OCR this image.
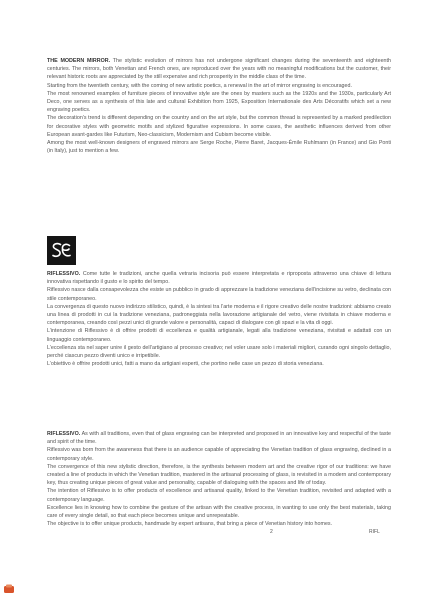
THE MODERN MIRROR. The stylistic evolution of mirrors has not undergone significant changes during the seventeenth and eighteenth centuries. The mirrors, both Venetian and French ones, are reproduced over the years with no meaningful modifications but the customer, their relevant historic roots are appreciated by the still expensive and rich prosperity in the middle class of the time.

Starting from the twentieth century, with the coming of new artistic poetics, a renewal in the art of mirror engraving is encouraged.

The most renowned examples of furniture pieces of innovative style are the ones by masters such as the 1920s and the 1930s, particularly Art Deco, one serves as a synthesis of this late and cultural Exhibition from 1925, Exposition Internationale des Arts Décoratifs which set a new engraving poetics.

The decoration’s trend is different depending on the country and on the art style, but the common thread is represented by a marked predilection for decorative styles with geometric motifs and stylized figurative expressions. In some cases, the aesthetic influences derived from other European avant-gardes like Futurism, Neo-classicism, Modernism and Cubism become visible.

Among the most well-known designers of engraved mirrors are Serge Roche, Pierre Baret, Jacques-Émile Ruhlmann (in France) and Gio Ponti (in Italy), just to mention a few.

RIFLESSIVO. Come tutte le tradizioni, anche quella vetraria incisoria può essere interpretata e riproposta attraverso una chiave di lettura innovativa rispettando il gusto e lo spirito del tempo.

Riflessivo nasce dalla consapevolezza che esiste un pubblico in grado di apprezzare la tradizione veneziana dell’incisione su vetro, declinata con stile contemporaneo.

La convergenza di questo nuovo indirizzo stilistico, quindi, è la sintesi tra l’arte moderna e il rigore creativo delle nostre tradizioni: abbiamo creato una linea di prodotti in cui la tradizione veneziana, padroneggiata nella lavorazione artigianale del vetro, viene rivisitata in chiave moderna e contemporanea, creando così pezzi unici di grande valore e personalità, capaci di dialogare con gli spazi e la vita di oggi.

L’intenzione di Riflessivo è di offrire prodotti di eccellenza e qualità artigianale, legati alla tradizione veneziana, rivisitati e adattati con un linguaggio contemporaneo.

L’eccellenza sta nel saper unire il gesto dell’artigiano al processo creativo; nel voler usare solo i materiali migliori, curando ogni singolo dettaglio, perché ciascun pezzo diventi unico e irripetibile.

L’obiettivo è offrire prodotti unici, fatti a mano da artigiani esperti, che portino nelle case un pezzo di storia veneziana.

RIFLESSIVO. As with all traditions, even that of glass engraving can be interpreted and proposed in an innovative key and respectful of the taste and spirit of the time.

Riflessivo was born from the awareness that there is an audience capable of appreciating the Venetian tradition of glass engraving, declined in a contemporary style.

The convergence of this new stylistic direction, therefore, is the synthesis between modern art and the creative rigor of our traditions: we have created a line of products in which the Venetian tradition, mastered in the artisanal processing of glass, is revisited in a modern and contemporary key, thus creating unique pieces of great value and personality, capable of dialoguing with the spaces and life of today.

The intention of Riflessivo is to offer products of excellence and artisanal quality, linked to the Venetian tradition, revisited and adapted with a contemporary language.

Excellence lies in knowing how to combine the gesture of the artisan with the creative process, in wanting to use only the best materials, taking care of every single detail, so that each piece becomes unique and unrepeatable.

The objective is to offer unique products, handmade by expert artisans, that bring a piece of Venetian history into homes.

2	RIFL
